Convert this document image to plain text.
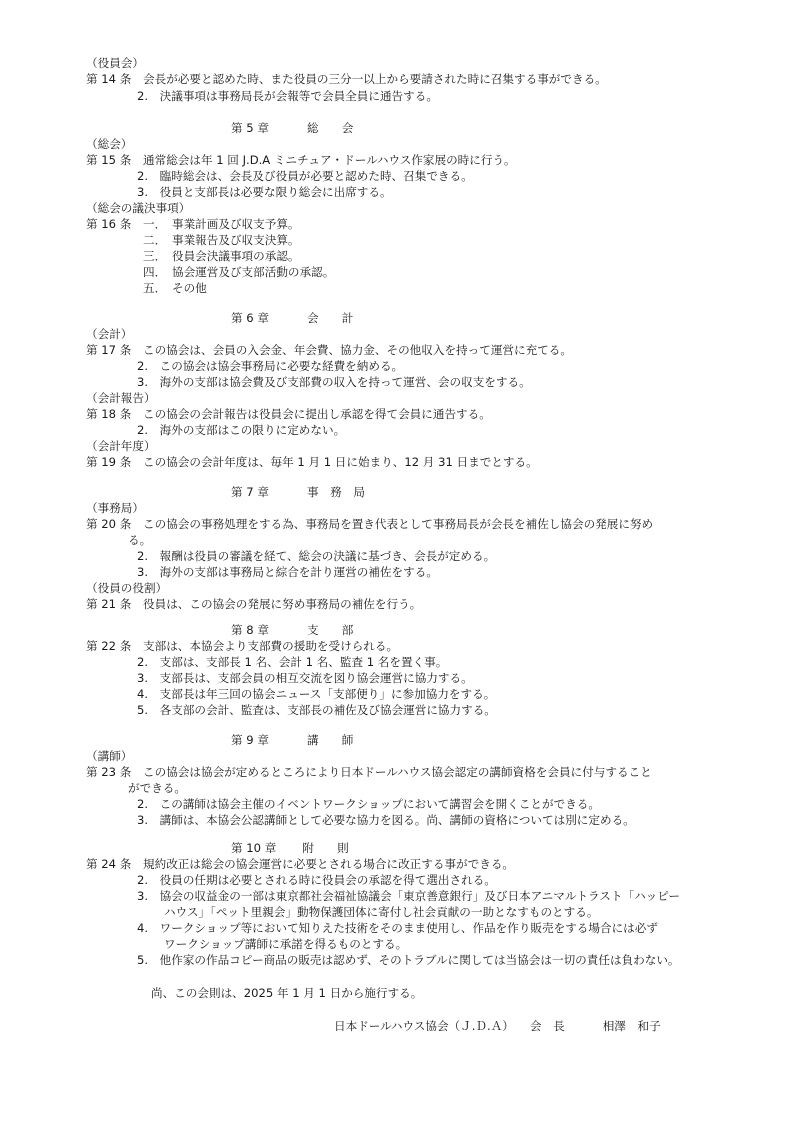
（役員会）
第 14 条 会長が必要と認めた時、また役員の三分一以上から要請された時に召集する事ができる。
2.　決議事項は事務局長が会報等で会員全員に通告する。
第 5 章	総　　会
（総会）
第 15 条 通常総会は年 1 回 J.D.A ミニチュア・ドールハウス作家展の時に行う。
2.　臨時総会は、会長及び役員が必要と認めた時、召集できる。
3.　役員と支部長は必要な限り総会に出席する。
（総会の議決事項）
第 16 条 一．　事業計画及び収支予算。
二．　事業報告及び収支決算。
三．　役員会決議事項の承認。
四．　協会運営及び支部活動の承認。
五．　その他
第 6 章	会　　計
（会計）
第 17 条 この協会は、会員の入会金、年会費、協力金、その他収入を持って運営に充てる。
2.　この協会は協会事務局に必要な経費を納める。
3.　海外の支部は協会費及び支部費の収入を持って運営、会の収支をする。
（会計報告）
第 18 条 この協会の会計報告は役員会に提出し承認を得て会員に通告する。
2.　海外の支部はこの限りに定めない。
（会計年度）
第 19 条 この協会の会計年度は、毎年 1 月 1 日に始まり、12 月 31 日までとする。
第 7 章	事　務　局
（事務局）
第 20 条 この協会の事務処理をする為、事務局を置き代表として事務局長が会長を補佐し協会の発展に努め
る。
2.　報酬は役員の審議を経て、総会の決議に基づき、会長が定める。
3.　海外の支部は事務局と綜合を計り運営の補佐をする。
（役員の役割）
第 21 条 役員は、この協会の発展に努め事務局の補佐を行う。
第 8 章	支　　部
第 22 条 支部は、本協会より支部費の援助を受けられる。
2.　支部は、支部長 1 名、会計 1 名、監査 1 名を置く事。
3.　支部長は、支部会員の相互交流を図り協会運営に協力する。
4.　支部長は年三回の協会ニュース「支部便り」に参加協力をする。
5.　各支部の会計、監査は、支部長の補佐及び協会運営に協力する。
第 9 章	講　　師
（講師）
第 23 条 この協会は協会が定めるところにより日本ドールハウス協会認定の講師資格を会員に付与すること
ができる。
2.　この講師は協会主催のイベントワークショップにおいて講習会を開くことができる。
3.　講師は、本協会公認講師として必要な協力を図る。尚、講師の資格については別に定める。
第 10 章 附　　則
第 24 条 規約改正は総会の協会運営に必要とされる場合に改正する事ができる。
2.　役員の任期は必要とされる時に役員会の承認を得て選出される。
3.　協会の収益金の一部は東京都社会福祉協議会「東京善意銀行」及び日本アニマルトラスト「ハッピー
ハウス」「ペット里親会」動物保護団体に寄付し社会貢献の一助となすものとする。
4.　ワークショップ等において知りえた技術をそのまま使用し、作品を作り販売をする場合には必ず
ワークショップ講師に承諾を得るものとする。
5.　他作家の作品コピー商品の販売は認めず、そのトラブルに関しては当協会は一切の責任は負わない。
尚、この会則は、2025 年 1 月 1 日から施行する。
日本ドールハウス協会（Ｊ.Ｄ.Ａ） 会　長	相澤　和子
